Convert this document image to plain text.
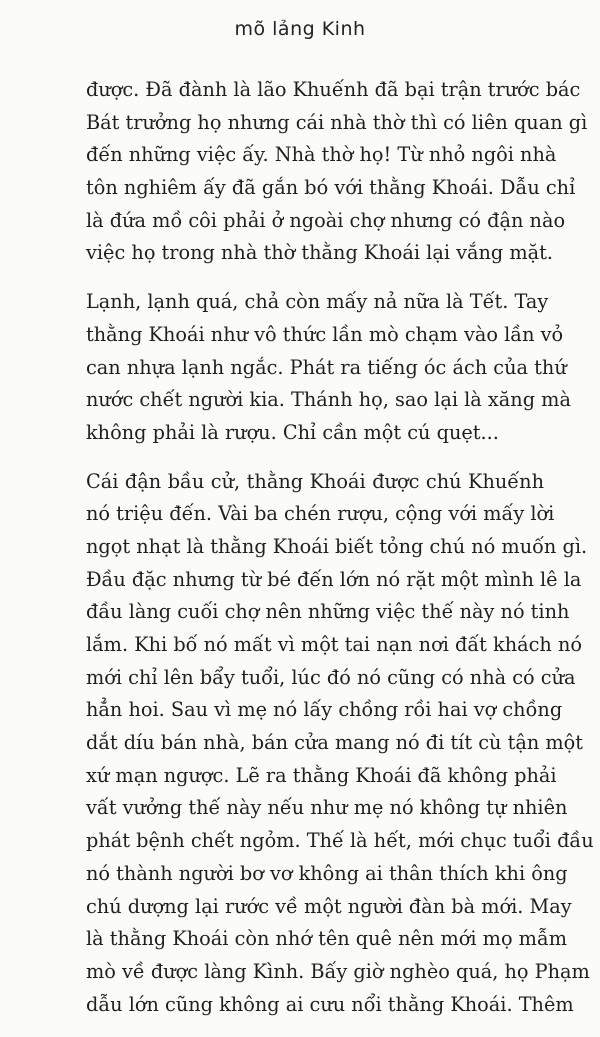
mõ lảng Kinh
được. Đã đành là lão Khuếnh đã bại trận trước bác
Bát trưởng họ nhưng cái nhà thờ thì có liên quan gì
đến những việc ấy. Nhà thờ họ! Từ nhỏ ngôi nhà
tôn nghiêm ấy đã gắn bó với thằng Khoái. Dẫu chỉ
là đứa mồ côi phải ở ngoài chợ nhưng có đận nào
việc họ trong nhà thờ thằng Khoái lại vắng mặt.
Lạnh, lạnh quá, chả còn mấy nả nữa là Tết. Tay
thằng Khoái như vô thức lần mò chạm vào lần vỏ
can nhựa lạnh ngắc. Phát ra tiếng óc ách của thứ
nước chết người kia. Thánh họ, sao lại là xăng mà
không phải là rượu. Chỉ cần một cú quẹt...
Cái đận bầu cử, thằng Khoái được chú Khuếnh
nó triệu đến. Vài ba chén rượu, cộng với mấy lời
ngọt nhạt là thằng Khoái biết tỏng chú nó muốn gì.
Đầu đặc nhưng từ bé đến lớn nó rặt một mình lê la
đầu làng cuối chợ nên những việc thế này nó tinh
lắm. Khi bố nó mất vì một tai nạn nơi đất khách nó
mới chỉ lên bẩy tuổi, lúc đó nó cũng có nhà có cửa
hẳn hoi. Sau vì mẹ nó lấy chồng rồi hai vợ chồng
dắt díu bán nhà, bán cửa mang nó đi tít cù tận một
xứ mạn ngược. Lẽ ra thằng Khoái đã không phải
vất vưởng thế này nếu như mẹ nó không tự nhiên
phát bệnh chết ngỏm. Thế là hết, mới chục tuổi đầu
nó thành người bơ vơ không ai thân thích khi ông
chú dượng lại rước về một người đàn bà mới. May
là thằng Khoái còn nhớ tên quê nên mới mọ mẫm
mò về được làng Kình. Bấy giờ nghèo quá, họ Phạm
dẫu lớn cũng không ai cưu nổi thằng Khoái. Thêm
